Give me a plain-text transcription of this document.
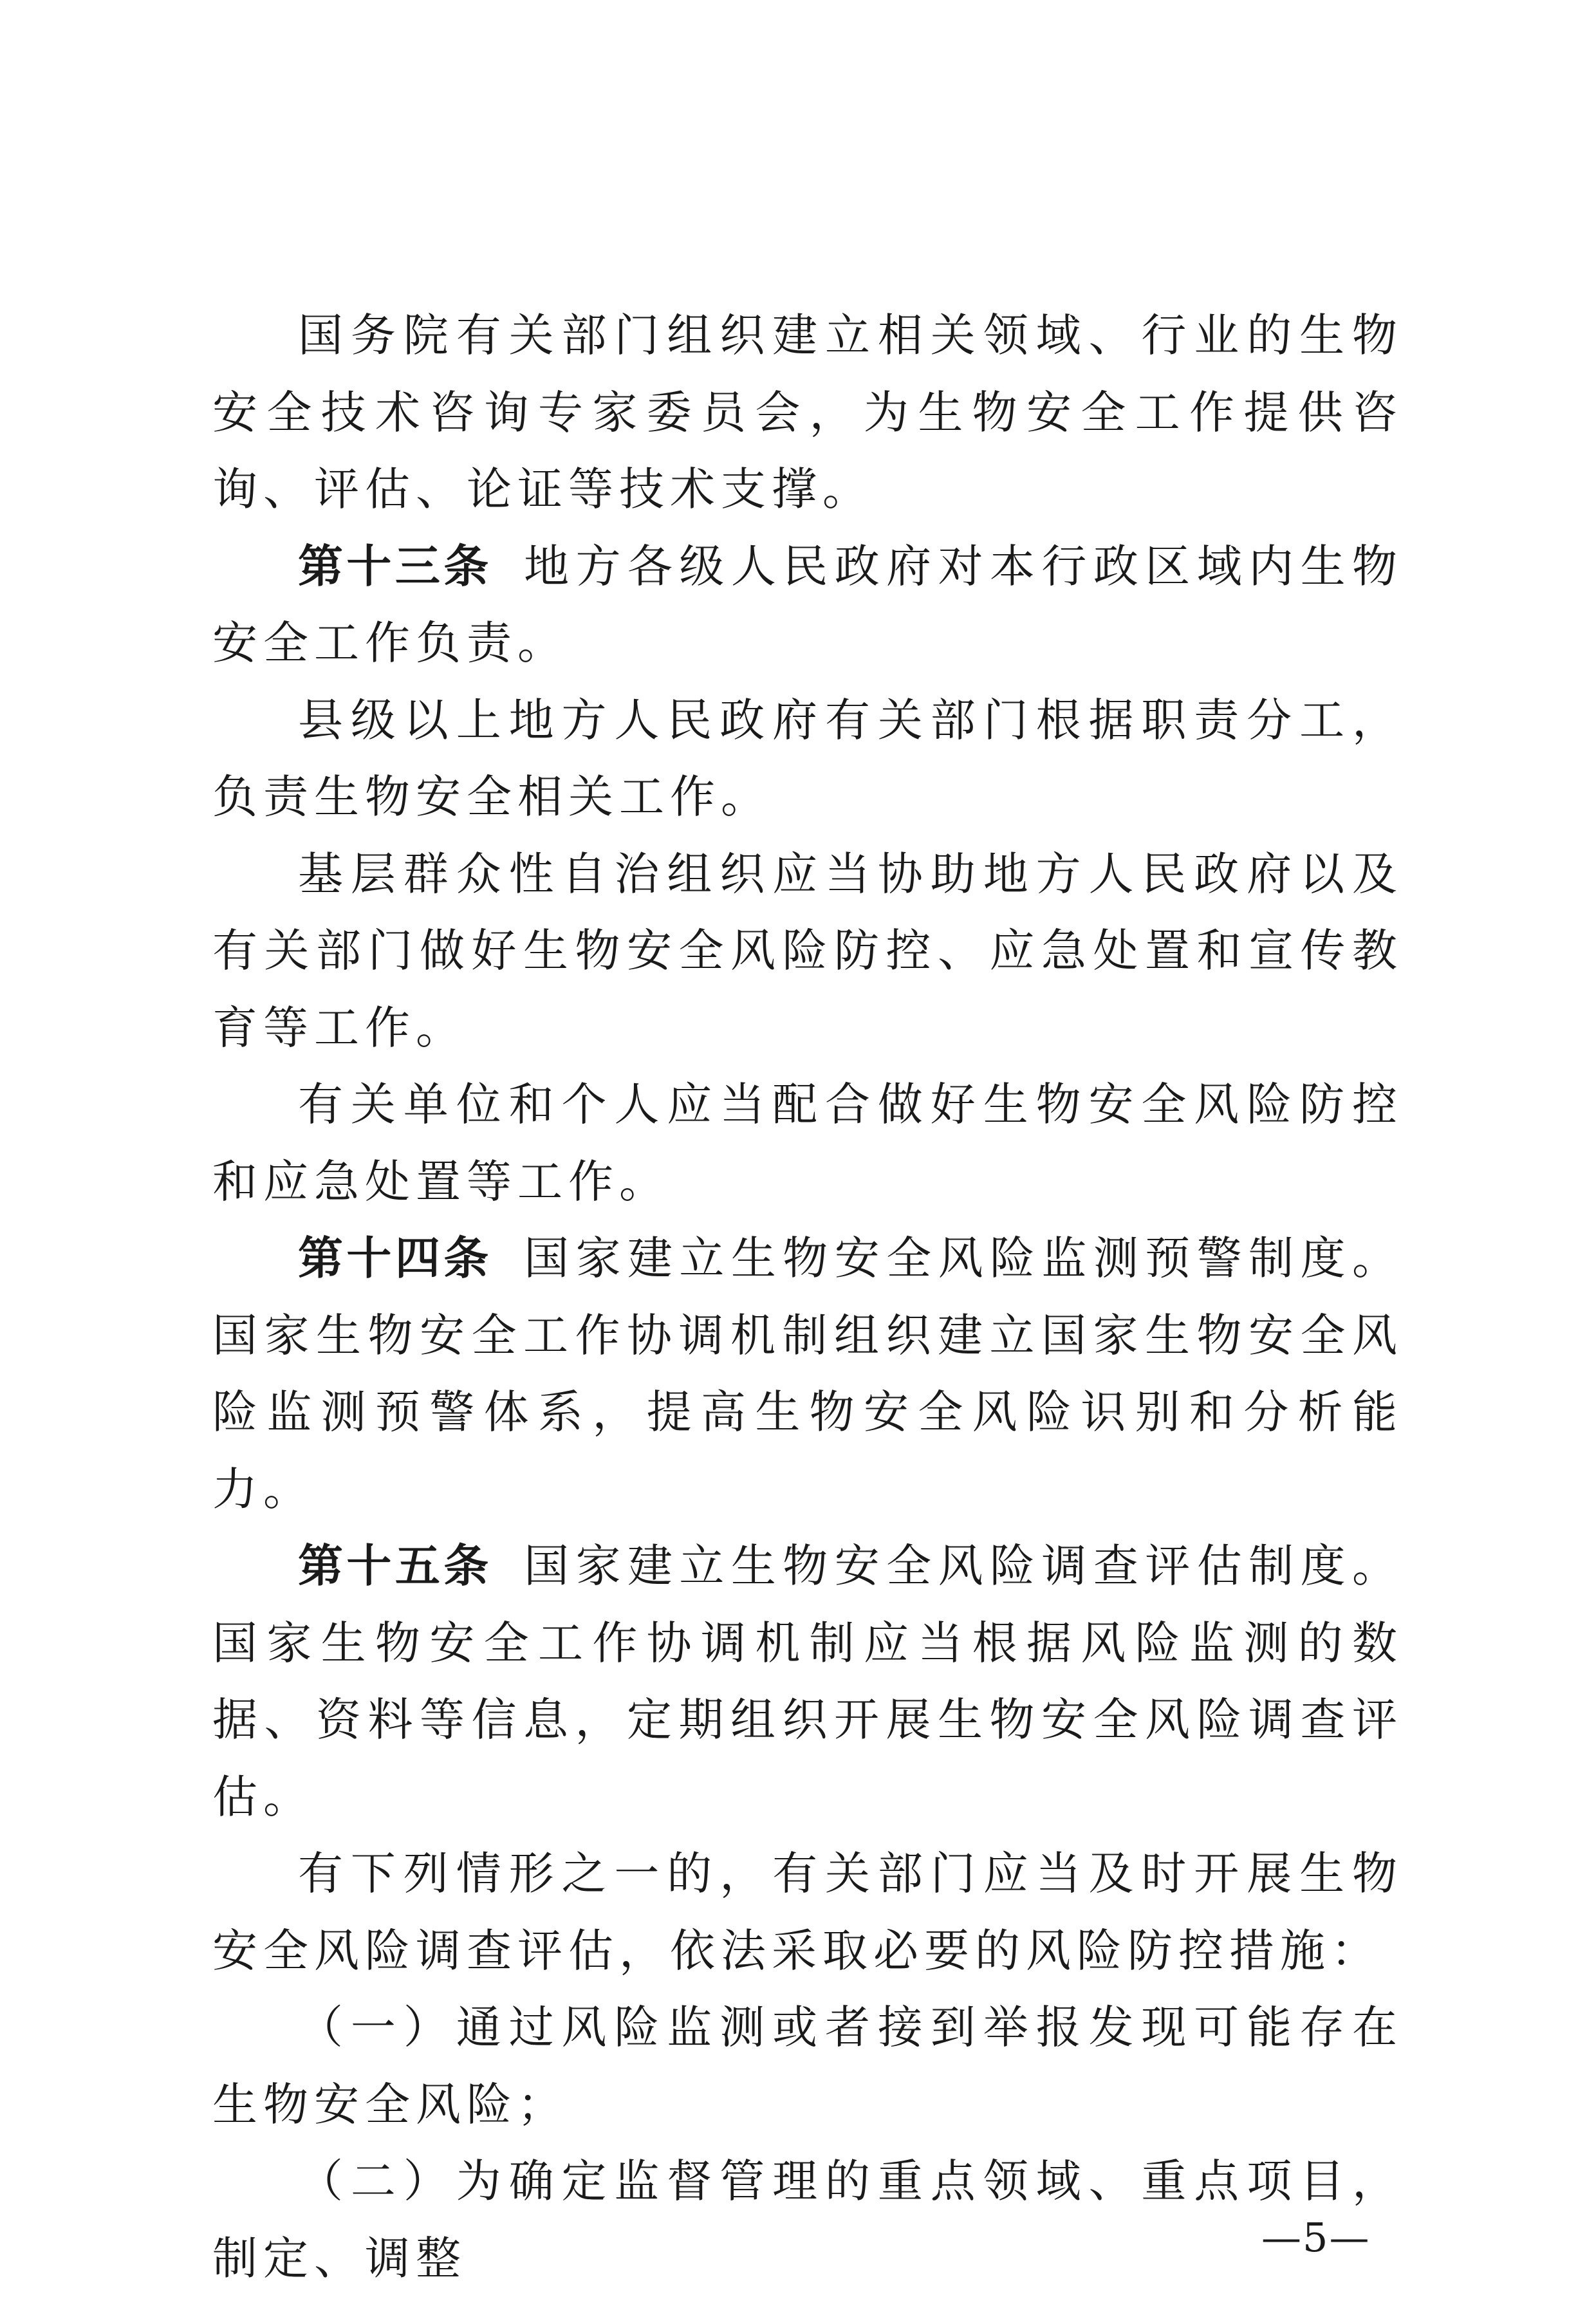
国务院有关部门组织建立相关领域、行业的生物安全技术咨询专家委员会，为生物安全工作提供咨询、评估、论证等技术支撑。

第十三条 地方各级人民政府对本行政区域内生物安全工作负责。

县级以上地方人民政府有关部门根据职责分工，负责生物安全相关工作。

基层群众性自治组织应当协助地方人民政府以及有关部门做好生物安全风险防控、应急处置和宣传教育等工作。

有关单位和个人应当配合做好生物安全风险防控和应急处置等工作。

第十四条 国家建立生物安全风险监测预警制度。国家生物安全工作协调机制组织建立国家生物安全风险监测预警体系，提高生物安全风险识别和分析能力。

第十五条 国家建立生物安全风险调查评估制度。国家生物安全工作协调机制应当根据风险监测的数据、资料等信息，定期组织开展生物安全风险调查评估。

有下列情形之一的，有关部门应当及时开展生物安全风险调查评估，依法采取必要的风险防控措施：

（一）通过风险监测或者接到举报发现可能存在生物安全风险；

（二）为确定监督管理的重点领域、重点项目，制定、调整	—5—
